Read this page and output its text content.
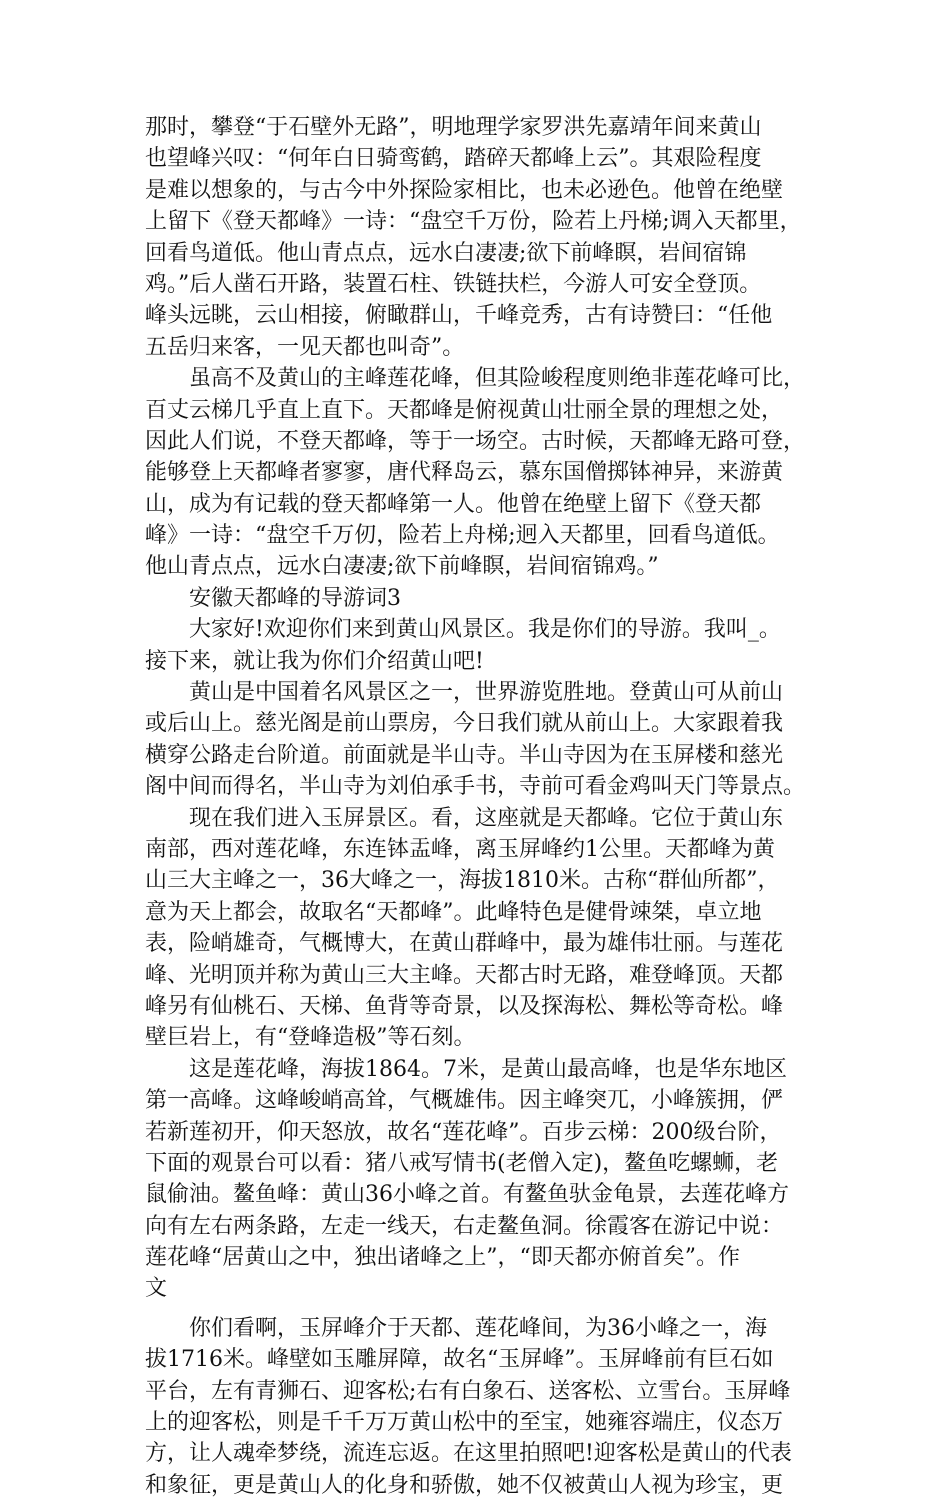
那时，攀登“于石壁外无路”，明地理学家罗洪先嘉靖年间来黄山
也望峰兴叹：“何年白日骑鸾鹤，踏碎天都峰上云”。其艰险程度
是难以想象的，与古今中外探险家相比，也未必逊色。他曾在绝壁
上留下《登天都峰》一诗：“盘空千万份，险若上丹梯;调入天都里，
回看鸟道低。他山青点点，远水白凄凄;欲下前峰瞑，岩间宿锦
鸡。”后人凿石开路，装置石柱、铁链扶栏，今游人可安全登顶。
峰头远眺，云山相接，俯瞰群山，千峰竞秀，古有诗赞曰：“任他
五岳归来客，一见天都也叫奇”。
　　虽高不及黄山的主峰莲花峰，但其险峻程度则绝非莲花峰可比，
百丈云梯几乎直上直下。天都峰是俯视黄山壮丽全景的理想之处，
因此人们说，不登天都峰，等于一场空。古时候，天都峰无路可登，
能够登上天都峰者寥寥，唐代释岛云，慕东国僧掷钵神异，来游黄
山，成为有记载的登天都峰第一人。他曾在绝壁上留下《登天都
峰》一诗：“盘空千万仞，险若上舟梯;迥入天都里，回看鸟道低。
他山青点点，远水白凄凄;欲下前峰瞑，岩间宿锦鸡。”
　　安徽天都峰的导游词3
　　大家好!欢迎你们来到黄山风景区。我是你们的导游。我叫_。
接下来，就让我为你们介绍黄山吧!
　　黄山是中国着名风景区之一，世界游览胜地。登黄山可从前山
或后山上。慈光阁是前山票房，今日我们就从前山上。大家跟着我
横穿公路走台阶道。前面就是半山寺。半山寺因为在玉屏楼和慈光
阁中间而得名，半山寺为刘伯承手书，寺前可看金鸡叫天门等景点。
　　现在我们进入玉屏景区。看，这座就是天都峰。它位于黄山东
南部，西对莲花峰，东连钵盂峰，离玉屏峰约1公里。天都峰为黄
山三大主峰之一，36大峰之一，海拔1810米。古称“群仙所都”，
意为天上都会，故取名“天都峰”。此峰特色是健骨竦桀，卓立地
表，险峭雄奇，气概博大，在黄山群峰中，最为雄伟壮丽。与莲花
峰、光明顶并称为黄山三大主峰。天都古时无路，难登峰顶。天都
峰另有仙桃石、天梯、鱼背等奇景，以及探海松、舞松等奇松。峰
壁巨岩上，有“登峰造极”等石刻。
　　这是莲花峰，海拔1864。7米，是黄山最高峰，也是华东地区
第一高峰。这峰峻峭高耸，气概雄伟。因主峰突兀，小峰簇拥，俨
若新莲初开，仰天怒放，故名“莲花峰”。百步云梯：200级台阶，
下面的观景台可以看：猪八戒写情书(老僧入定)，鳌鱼吃螺蛳，老
鼠偷油。鳌鱼峰：黄山36小峰之首。有鳌鱼驮金龟景，去莲花峰方
向有左右两条路，左走一线天，右走鳌鱼洞。徐霞客在游记中说：
莲花峰“居黄山之中，独出诸峰之上”，“即天都亦俯首矣”。作
文
　　你们看啊，玉屏峰介于天都、莲花峰间，为36小峰之一，海
拔1716米。峰壁如玉雕屏障，故名“玉屏峰”。玉屏峰前有巨石如
平台，左有青狮石、迎客松;右有白象石、送客松、立雪台。玉屏峰
上的迎客松，则是千千万万黄山松中的至宝，她雍容端庄，仪态万
方，让人魂牵梦绕，流连忘返。在这里拍照吧!迎客松是黄山的代表
和象征，更是黄山人的化身和骄傲，她不仅被黄山人视为珍宝，更
